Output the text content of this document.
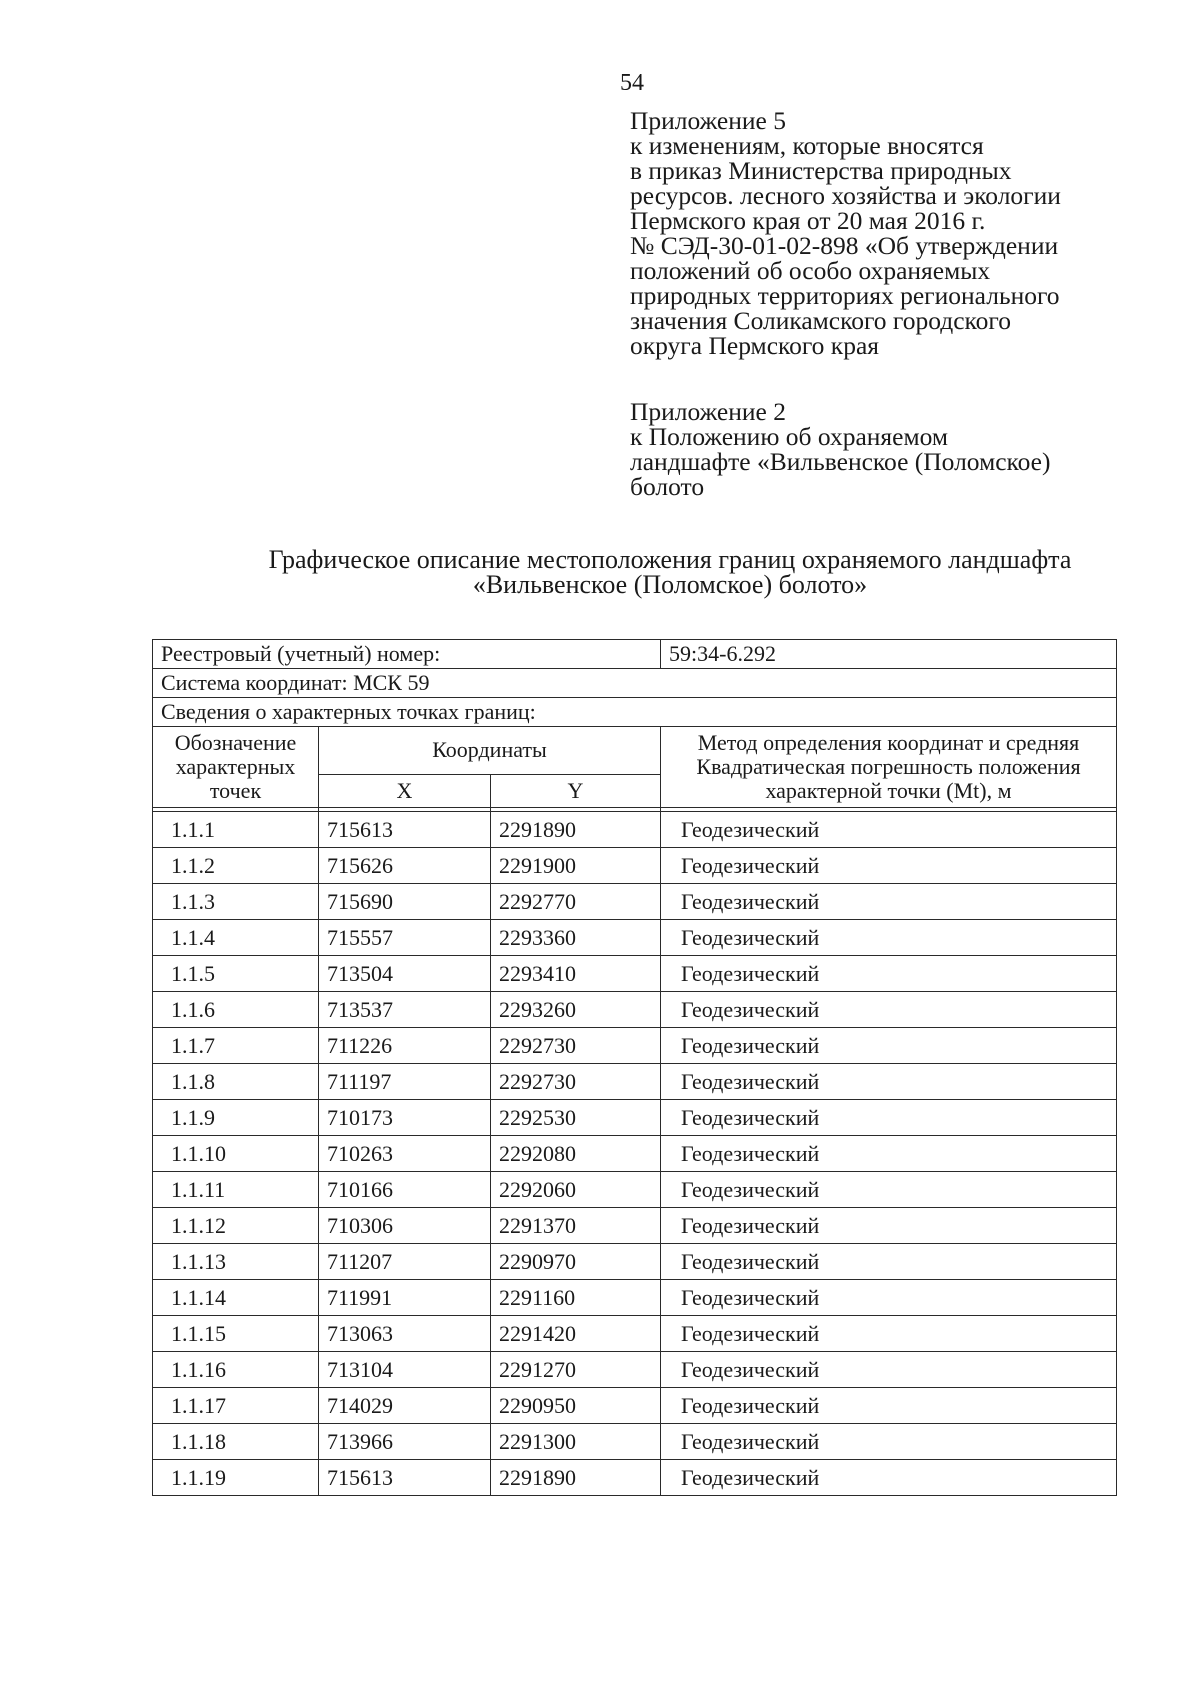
54
Приложение 5
к изменениям, которые вносятся
в приказ Министерства природных
ресурсов. лесного хозяйства и экологии
Пермского края от 20 мая 2016 г.
№ СЭД-30-01-02-898 «Об утверждении
положений об особо охраняемых
природных территориях регионального
значения Соликамского городского
округа Пермского края
Приложение 2
к Положению об охраняемом
ландшафте «Вильвенское (Поломское)
болото
Графическое описание местоположения границ охраняемого ландшафта
«Вильвенское (Поломское) болото»
Реестровый (учетный) номер:			59:34-6.292
Система координат: МСК 59			
Сведения о характерных точках границ:			
Обозначение характерных точек	Координаты		Метод определения координат и средняя Квадратическая погрешность положения характерной точки (Mt), м
	X	Y	

1.1.1	715613	2291890	Геодезический
1.1.2	715626	2291900	Геодезический
1.1.3	715690	2292770	Геодезический
1.1.4	715557	2293360	Геодезический
1.1.5	713504	2293410	Геодезический
1.1.6	713537	2293260	Геодезический
1.1.7	711226	2292730	Геодезический
1.1.8	711197	2292730	Геодезический
1.1.9	710173	2292530	Геодезический
1.1.10	710263	2292080	Геодезический
1.1.11	710166	2292060	Геодезический
1.1.12	710306	2291370	Геодезический
1.1.13	711207	2290970	Геодезический
1.1.14	711991	2291160	Геодезический
1.1.15	713063	2291420	Геодезический
1.1.16	713104	2291270	Геодезический
1.1.17	714029	2290950	Геодезический
1.1.18	713966	2291300	Геодезический
1.1.19	715613	2291890	Геодезический
